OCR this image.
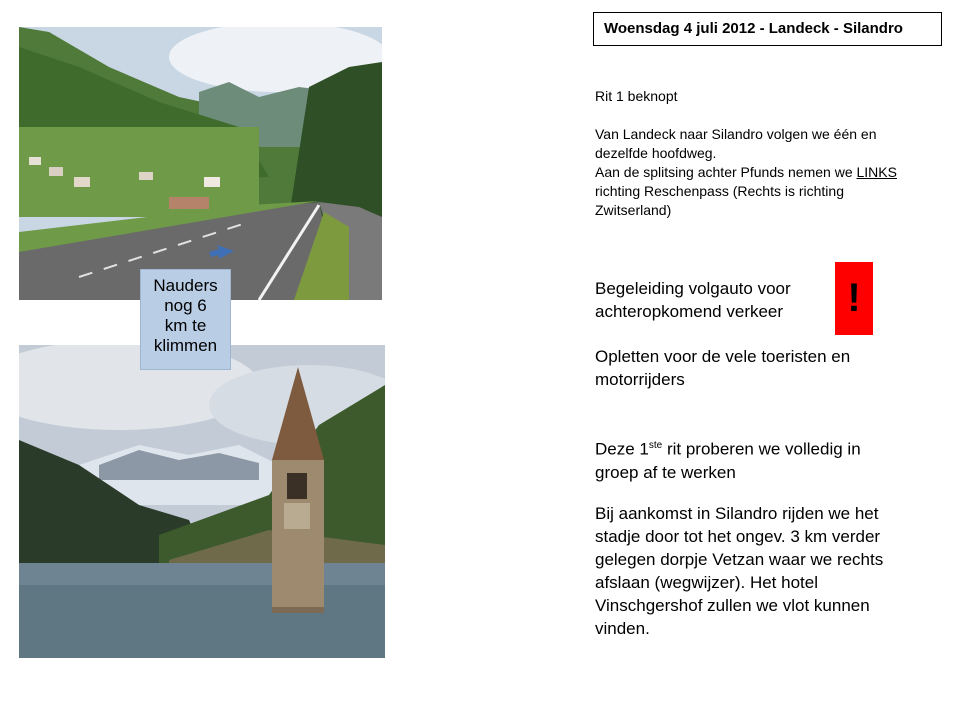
Nauders
nog 6
km te
klimmen
Woensdag 4 juli 2012 - Landeck - Silandro
Rit 1 beknopt
Van Landeck naar Silandro volgen we één en dezelfde hoofdweg.
Aan de splitsing achter Pfunds nemen we LINKS richting Reschenpass (Rechts is richting Zwitserland)
Begeleiding volgauto voor achteropkomend verkeer	!
Opletten voor de vele toeristen en motorrijders
Deze 1ste rit proberen we volledig in groep af te werken
Bij aankomst in Silandro rijden we het stadje door tot het ongev. 3 km verder gelegen dorpje Vetzan waar we rechts afslaan (wegwijzer). Het hotel Vinschgershof zullen we vlot kunnen vinden.
